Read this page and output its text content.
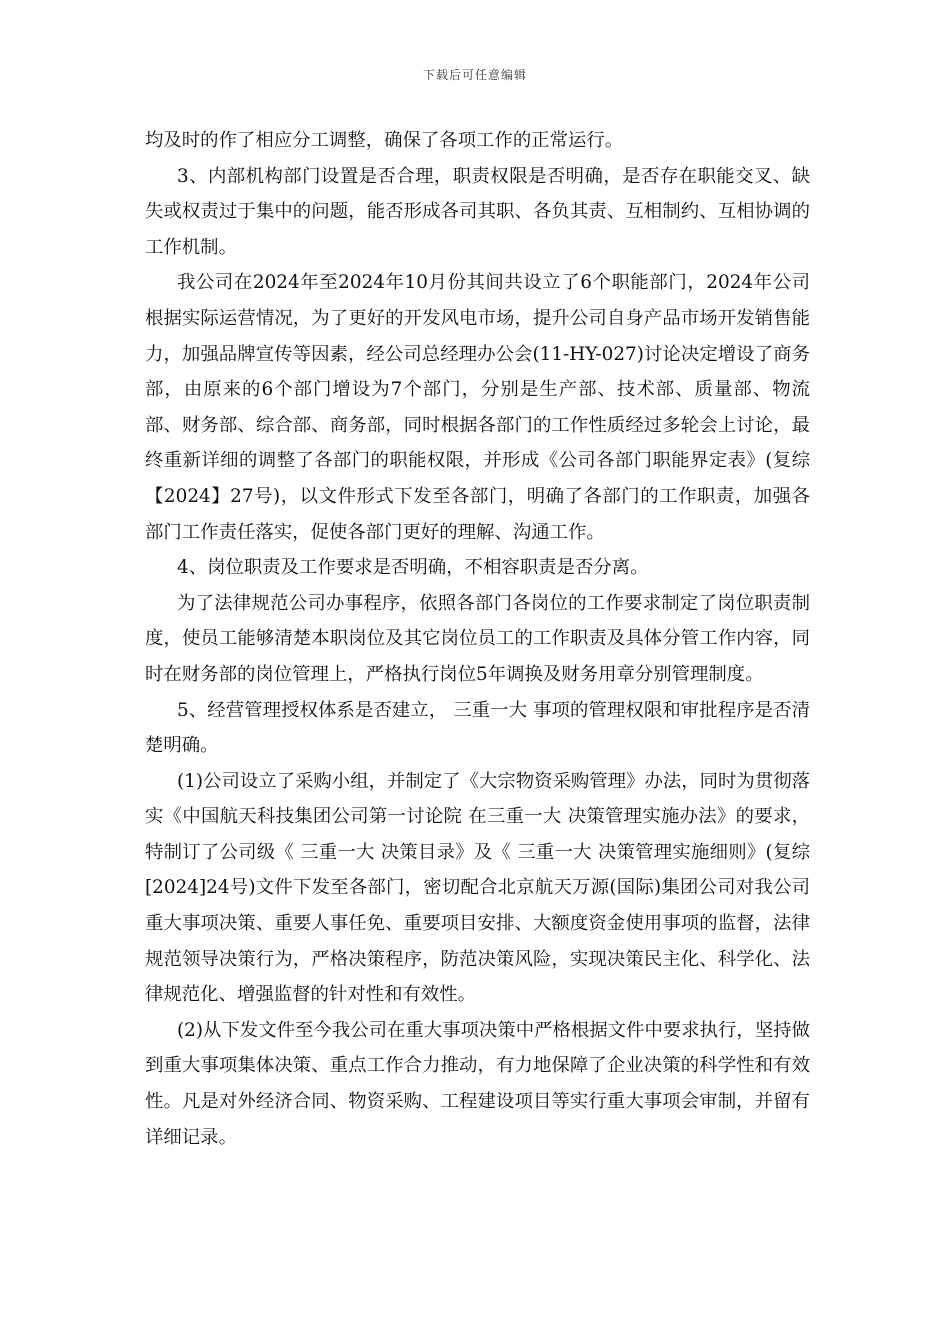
下载后可任意编辑

均及时的作了相应分工调整，确保了各项工作的正常运行。

3、内部机构部门设置是否合理，职责权限是否明确，是否存在职能交叉、缺失或权责过于集中的问题，能否形成各司其职、各负其责、互相制约、互相协调的工作机制。

我公司在2024年至2024年10月份其间共设立了6个职能部门，2024年公司根据实际运营情况，为了更好的开发风电市场，提升公司自身产品市场开发销售能力，加强品牌宣传等因素，经公司总经理办公会(11-HY-027)讨论决定增设了商务部，由原来的6个部门增设为7个部门，分别是生产部、技术部、质量部、物流部、财务部、综合部、商务部，同时根据各部门的工作性质经过多轮会上讨论，最终重新详细的调整了各部门的职能权限，并形成《公司各部门职能界定表》(复综【2024】27号)，以文件形式下发至各部门，明确了各部门的工作职责，加强各部门工作责任落实，促使各部门更好的理解、沟通工作。

4、岗位职责及工作要求是否明确，不相容职责是否分离。

为了法律规范公司办事程序，依照各部门各岗位的工作要求制定了岗位职责制度，使员工能够清楚本职岗位及其它岗位员工的工作职责及具体分管工作内容，同时在财务部的岗位管理上，严格执行岗位5年调换及财务用章分别管理制度。

5、经营管理授权体系是否建立， 三重一大 事项的管理权限和审批程序是否清楚明确。

(1)公司设立了采购小组，并制定了《大宗物资采购管理》办法，同时为贯彻落实《中国航天科技集团公司第一讨论院 在三重一大 决策管理实施办法》的要求，特制订了公司级《 三重一大 决策目录》及《 三重一大 决策管理实施细则》(复综[2024]24号)文件下发至各部门，密切配合北京航天万源(国际)集团公司对我公司重大事项决策、重要人事任免、重要项目安排、大额度资金使用事项的监督，法律规范领导决策行为，严格决策程序，防范决策风险，实现决策民主化、科学化、法律规范化、增强监督的针对性和有效性。

(2)从下发文件至今我公司在重大事项决策中严格根据文件中要求执行，坚持做到重大事项集体决策、重点工作合力推动，有力地保障了企业决策的科学性和有效性。凡是对外经济合同、物资采购、工程建设项目等实行重大事项会审制，并留有详细记录。
